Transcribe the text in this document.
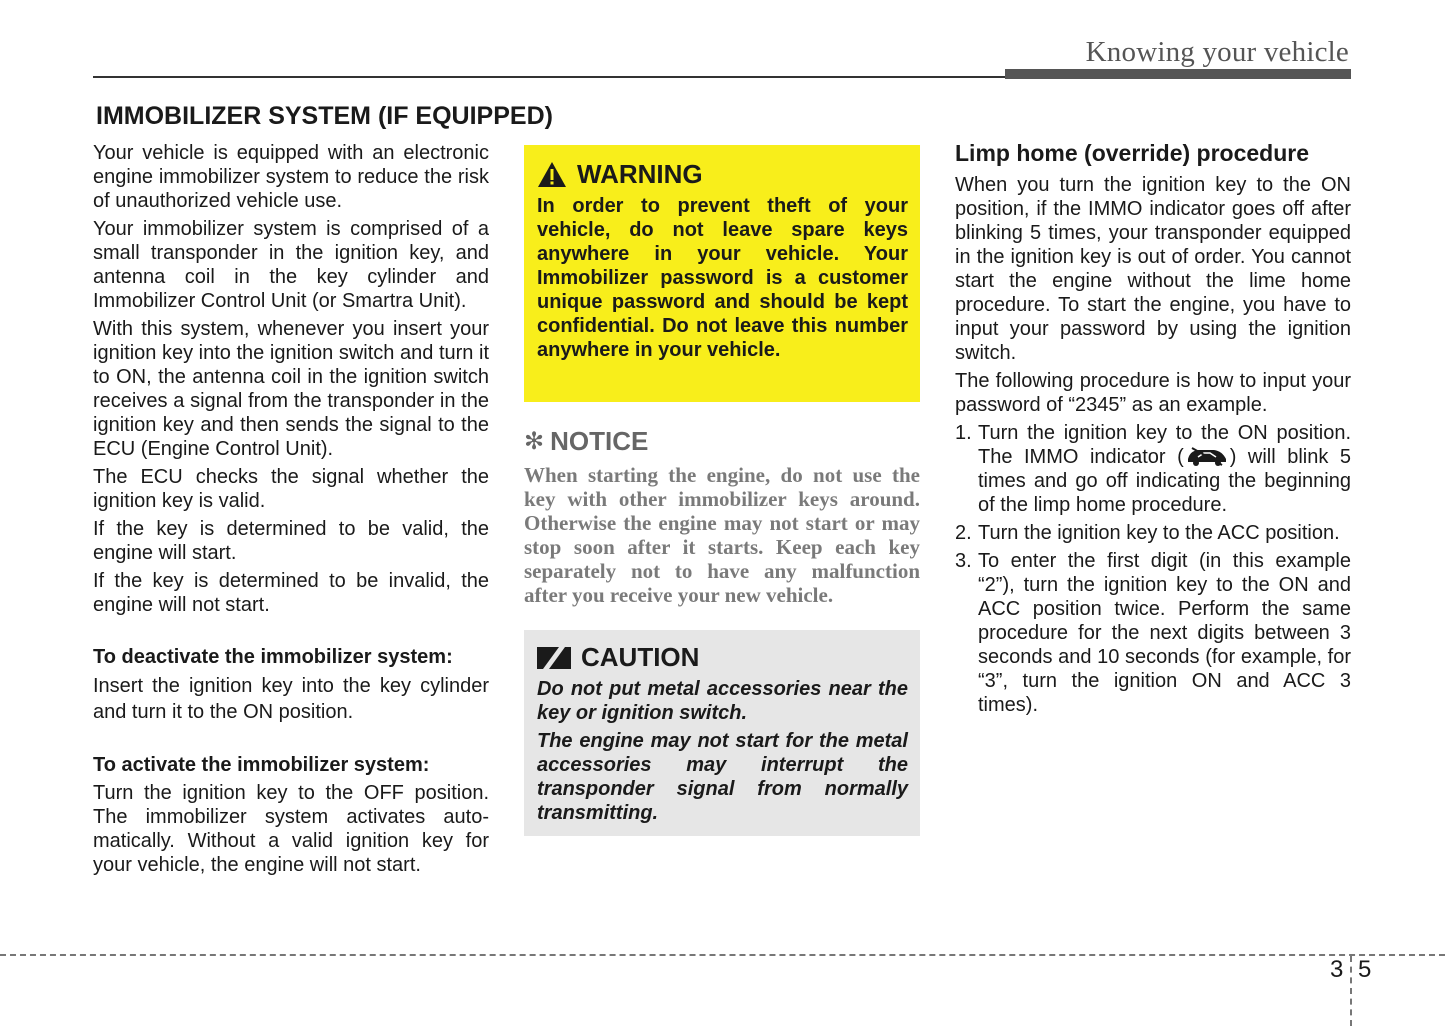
Knowing your vehicle
IMMOBILIZER SYSTEM (IF EQUIPPED)

Your vehicle is equipped with an electronic engine immobilizer system to reduce the risk of unauthorized vehicle use.

Your immobilizer system is comprised of a small transponder in the ignition key, and antenna coil in the key cylinder and Immobilizer Control Unit (or Smartra Unit).

With this system, whenever you insert your ignition key into the ignition switch and turn it to ON, the antenna coil in the ignition switch receives a signal from the transponder in the ignition key and then sends the signal to the ECU (Engine Control Unit).

The ECU checks the signal whether the ignition key is valid.

If the key is determined to be valid, the engine will start.

If the key is determined to be invalid, the engine will not start.

To deactivate the immobilizer system:

Insert the ignition key into the key cylinder and turn it to the ON position.

To activate the immobilizer system:

Turn the ignition key to the OFF position. The immobilizer system activates automatically. Without a valid ignition key for your vehicle, the engine will not start.

WARNING

In order to prevent theft of your vehicle, do not leave spare keys anywhere in your vehicle. Your Immobilizer password is a customer unique password and should be kept confidential. Do not leave this number anywhere in your vehicle.

✻ NOTICE

When starting the engine, do not use the key with other immobilizer keys around. Otherwise the engine may not start or may stop soon after it starts. Keep each key separately not to have any malfunction after you receive your new vehicle.

CAUTION

Do not put metal accessories near the key or ignition switch.

The engine may not start for the metal accessories may interrupt the transponder signal from normally transmitting.

Limp home (override) procedure

When you turn the ignition key to the ON position, if the IMMO indicator goes off after blinking 5 times, your transponder equipped in the ignition key is out of order. You cannot start the engine without the lime home procedure. To start the engine, you have to input your password by using the ignition switch.

The following procedure is how to input your password of “2345” as an example.

1. Turn the ignition key to the ON position. The IMMO indicator ( ) will blink 5 times and go off indicating the beginning of the limp home procedure.
2. Turn the ignition key to the ACC position.
3. To enter the first digit (in this example “2”), turn the ignition key to the ON and ACC position twice. Perform the same procedure for the next digits between 3 seconds and 10 seconds (for example, for “3”, turn the ignition ON and ACC 3 times).
3 5
